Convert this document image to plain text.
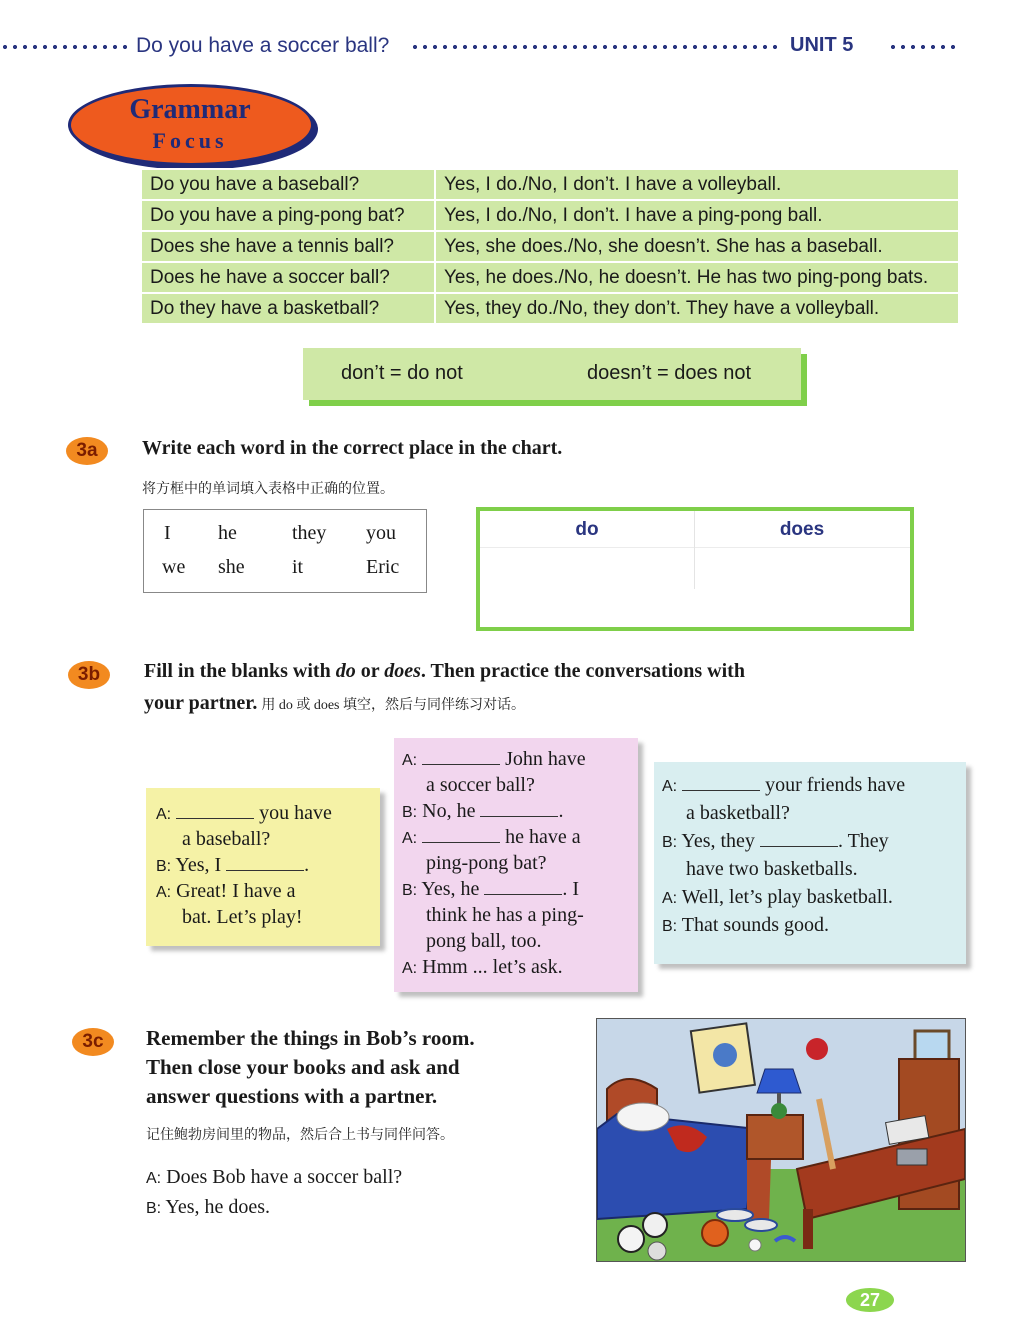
Do you have a soccer ball?	UNIT 5
Grammar
Focus
Do you have a baseball?	Yes, I do./No, I don’t. I have a volleyball.
Do you have a ping-pong bat?	Yes, I do./No, I don’t. I have a ping-pong ball.
Does she have a tennis ball?	Yes, she does./No, she doesn’t. She has a baseball.
Does he have a soccer ball?	Yes, he does./No, he doesn’t. He has two ping-pong bats.
Do they have a basketball?	Yes, they do./No, they don’t. They have a volleyball.
don’t = do not	doesn’t = does not
3a	Write each word in the correct place in the chart.
将方框中的单词填入表格中正确的位置。
I he	they you
we she it	Eric
do	does
3b	Fill in the blanks with do or does. Then practice the conversations with
your partner. 用 do 或 does 填空，然后与同伴练习对话。
A:	you have
a baseball?
B: Yes, I	.
A: Great! I have a
bat. Let’s play!
A:	John have
a soccer ball?
B: No, he	.
A:	he have a
ping-pong bat?
B: Yes, he	. I
think he has a ping-
pong ball, too.
A: Hmm ... let’s ask.
A:	your friends have
a basketball?
B: Yes, they	. They
have two basketballs.
A: Well, let’s play basketball.
B: That sounds good.
3c	Remember the things in Bob’s room.
Then close your books and ask and
answer questions with a partner.
记住鲍勃房间里的物品，然后合上书与同伴问答。
A: Does Bob have a soccer ball?
B: Yes, he does.
27
